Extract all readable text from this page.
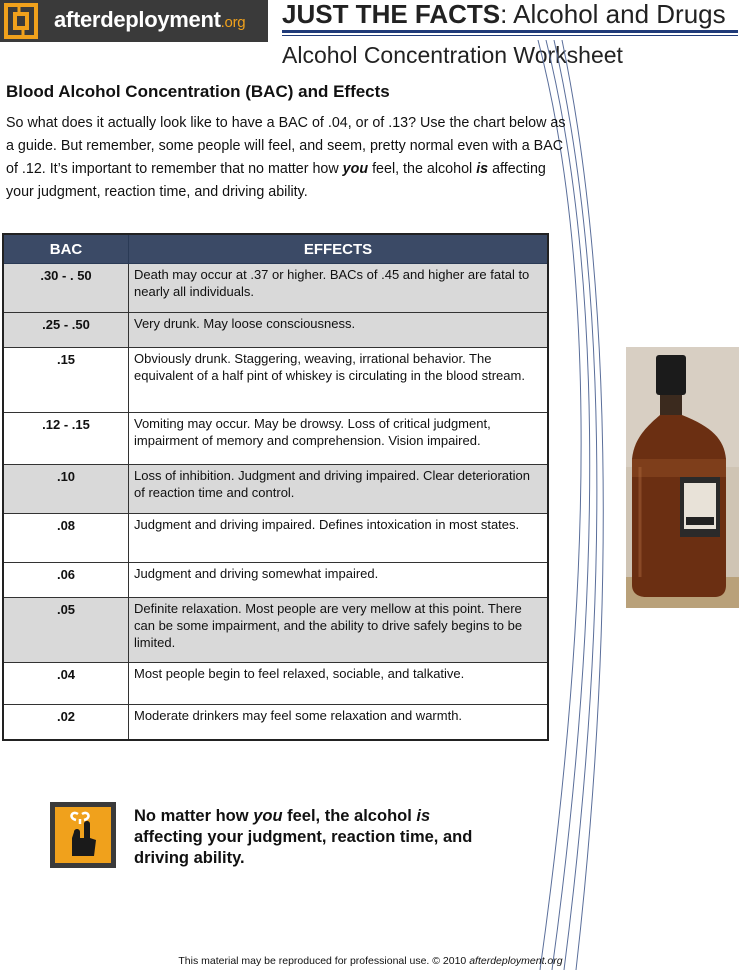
afterdeployment.org JUST THE FACTS: Alcohol and Drugs
Alcohol Concentration Worksheet
Blood Alcohol Concentration (BAC) and Effects
So what does it actually look like to have a BAC of .04, or of .13? Use the chart below as a guide. But remember, some people will feel, and seem, pretty normal even with a BAC of .12. It’s important to remember that no matter how you feel, the alcohol is affecting your judgment, reaction time, and driving ability.
BAC	EFFECTS
.30 - . 50	Death may occur at .37 or higher. BACs of .45 and higher are fatal to nearly all individuals.
.25 - .50	Very drunk. May loose consciousness.
.15	Obviously drunk. Staggering, weaving, irrational behavior. The equivalent of a half pint of whiskey is circulating in the blood stream.
.12 - .15	Vomiting may occur. May be drowsy. Loss of critical judgment, impairment of memory and comprehension. Vision impaired.
.10	Loss of inhibition. Judgment and driving impaired. Clear deterioration of reaction time and control.
.08	Judgment and driving impaired. Defines intoxication in most states.
.06	Judgment and driving somewhat impaired.
.05	Definite relaxation. Most people are very mellow at this point. There can be some impairment, and the ability to drive safely begins to be limited.
.04	Most people begin to feel relaxed, sociable, and talkative.
.02	Moderate drinkers may feel some relaxation and warmth.
No matter how you feel, the alcohol is affecting your judgment, reaction time, and driving ability.
This material may be reproduced for professional use. © 2010 afterdeployment.org
